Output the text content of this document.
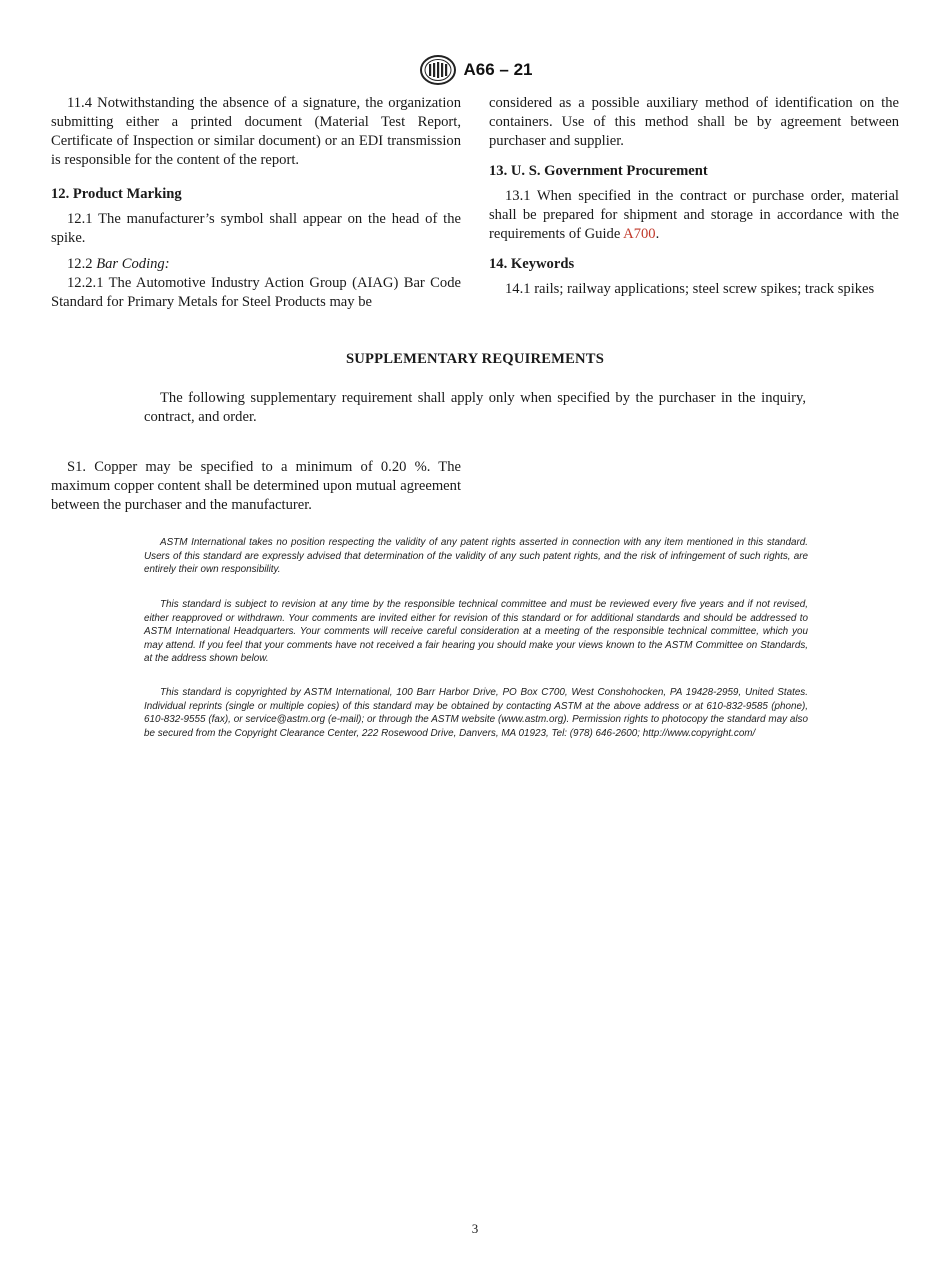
A66 – 21

11.4 Notwithstanding the absence of a signature, the organization submitting either a printed document (Material Test Report, Certificate of Inspection or similar document) or an EDI transmission is responsible for the content of the report.

12. Product Marking

12.1 The manufacturer’s symbol shall appear on the head of the spike.

12.2 Bar Coding:

12.2.1 The Automotive Industry Action Group (AIAG) Bar Code Standard for Primary Metals for Steel Products may be

considered as a possible auxiliary method of identification on the containers. Use of this method shall be by agreement between purchaser and supplier.

13. U. S. Government Procurement

13.1 When specified in the contract or purchase order, material shall be prepared for shipment and storage in accordance with the requirements of Guide A700.

14. Keywords

14.1 rails; railway applications; steel screw spikes; track spikes

SUPPLEMENTARY REQUIREMENTS
The following supplementary requirement shall apply only when specified by the purchaser in the inquiry, contract, and order.
S1. Copper may be specified to a minimum of 0.20 %. The maximum copper content shall be determined upon mutual agreement between the purchaser and the manufacturer.
ASTM International takes no position respecting the validity of any patent rights asserted in connection with any item mentioned in this standard. Users of this standard are expressly advised that determination of the validity of any such patent rights, and the risk of infringement of such rights, are entirely their own responsibility.
This standard is subject to revision at any time by the responsible technical committee and must be reviewed every five years and if not revised, either reapproved or withdrawn. Your comments are invited either for revision of this standard or for additional standards and should be addressed to ASTM International Headquarters. Your comments will receive careful consideration at a meeting of the responsible technical committee, which you may attend. If you feel that your comments have not received a fair hearing you should make your views known to the ASTM Committee on Standards, at the address shown below.
This standard is copyrighted by ASTM International, 100 Barr Harbor Drive, PO Box C700, West Conshohocken, PA 19428-2959, United States. Individual reprints (single or multiple copies) of this standard may be obtained by contacting ASTM at the above address or at 610-832-9585 (phone), 610-832-9555 (fax), or service@astm.org (e-mail); or through the ASTM website (www.astm.org). Permission rights to photocopy the standard may also be secured from the Copyright Clearance Center, 222 Rosewood Drive, Danvers, MA 01923, Tel: (978) 646-2600; http://www.copyright.com/
3
